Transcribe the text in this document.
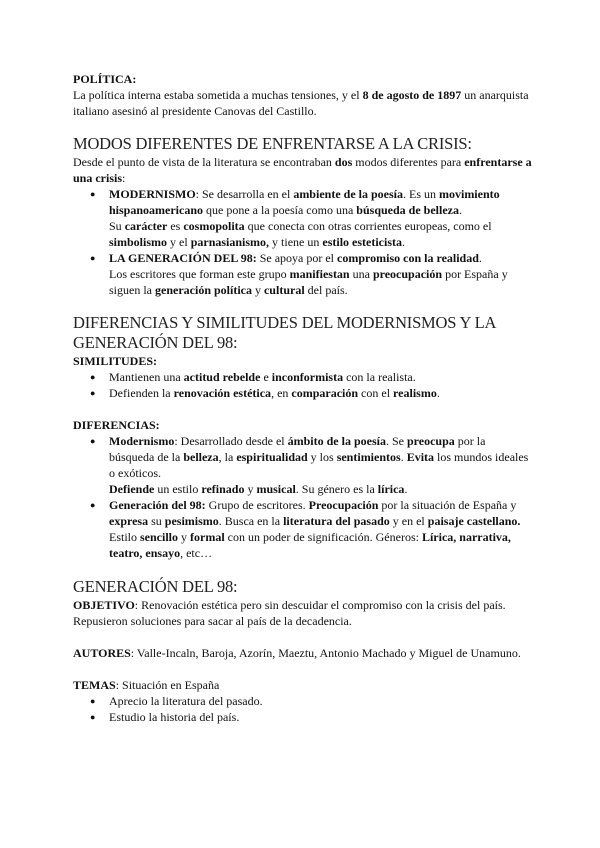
POLÍTICA:

La política interna estaba sometida a muchas tensiones, y el 8 de agosto de 1897 un anarquista italiano asesinó al presidente Canovas del Castillo.

MODOS DIFERENTES DE ENFRENTARSE A LA CRISIS:

Desde el punto de vista de la literatura se encontraban dos modos diferentes para enfrentarse a una crisis:

● MODERNISMO: Se desarrolla en el ambiente de la poesía. Es un movimiento hispanoamericano que pone a la poesía como una búsqueda de belleza.

Su carácter es cosmopolita que conecta con otras corrientes europeas, como el simbolismo y el parnasianismo, y tiene un estilo esteticista.

● LA GENERACIÓN DEL 98: Se apoya por el compromiso con la realidad.

Los escritores que forman este grupo manifiestan una preocupación por España y siguen la generación política y cultural del país.

DIFERENCIAS Y SIMILITUDES DEL MODERNISMOS Y LA GENERACIÓN DEL 98:

SIMILITUDES:

● Mantienen una actitud rebelde e inconformista con la realista.
● Defienden la renovación estética, en comparación con el realismo.

DIFERENCIAS:

● Modernismo: Desarrollado desde el ámbito de la poesía. Se preocupa por la búsqueda de la belleza, la espiritualidad y los sentimientos. Evita los mundos ideales o exóticos.

Defiende un estilo refinado y musical. Su género es la lírica.

● Generación del 98: Grupo de escritores. Preocupación por la situación de España y expresa su pesimismo. Busca en la literatura del pasado y en el paisaje castellano. Estilo sencillo y formal con un poder de significación. Géneros: Lírica, narrativa, teatro, ensayo, etc…

GENERACIÓN DEL 98:

OBJETIVO: Renovación estética pero sin descuidar el compromiso con la crisis del país. Repusieron soluciones para sacar al país de la decadencia.

AUTORES: Valle-Incaln, Baroja, Azorín, Maeztu, Antonio Machado y Miguel de Unamuno.

TEMAS: Situación en España

● Aprecio la literatura del pasado.
● Estudio la historia del país.
